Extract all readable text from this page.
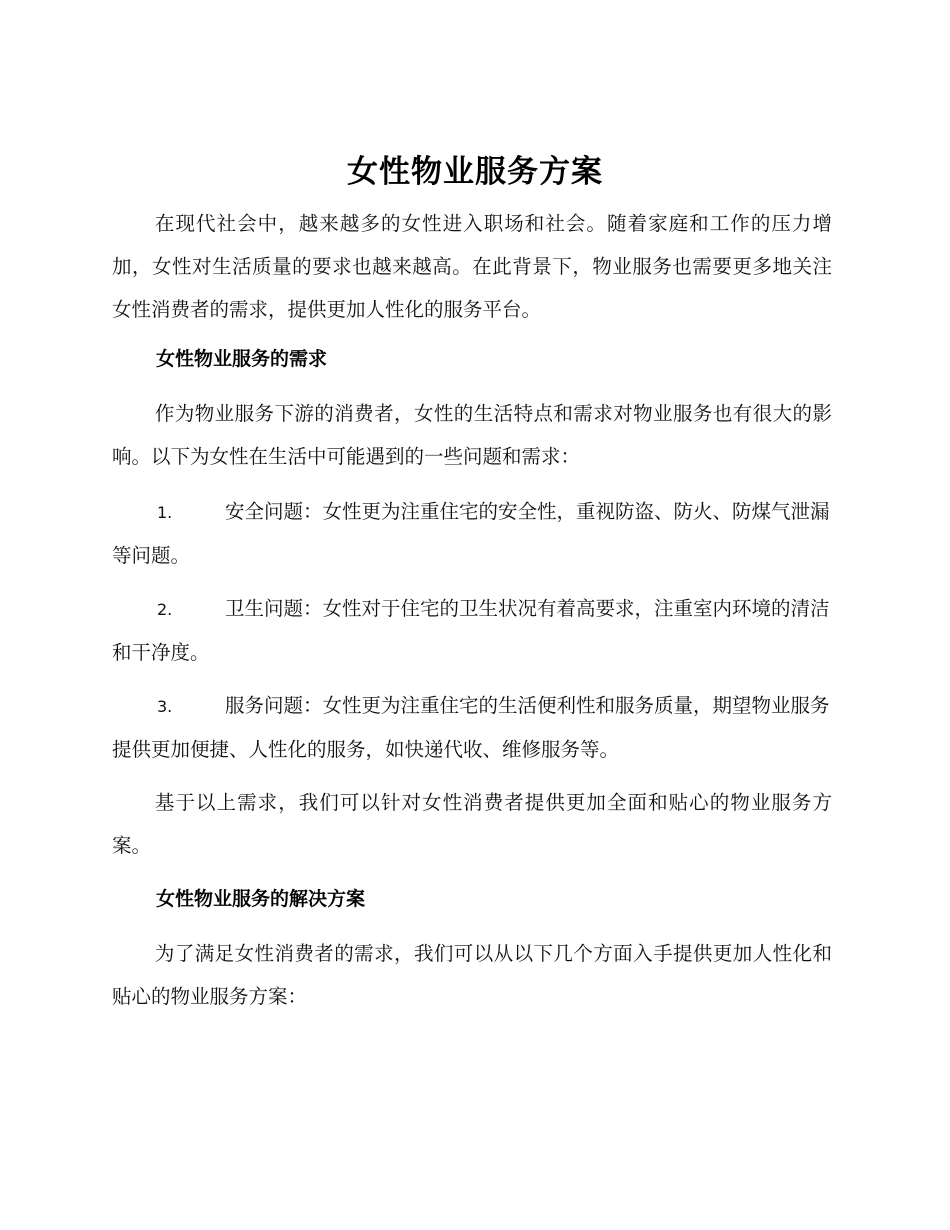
女性物业服务方案
在现代社会中，越来越多的女性进入职场和社会。随着家庭和工作的压力增加，女性对生活质量的要求也越来越高。在此背景下，物业服务也需要更多地关注女性消费者的需求，提供更加人性化的服务平台。
女性物业服务的需求
作为物业服务下游的消费者，女性的生活特点和需求对物业服务也有很大的影响。以下为女性在生活中可能遇到的一些问题和需求：
1.	安全问题：女性更为注重住宅的安全性，重视防盗、防火、防煤气泄漏等问题。
2.	卫生问题：女性对于住宅的卫生状况有着高要求，注重室内环境的清洁和干净度。
3.	服务问题：女性更为注重住宅的生活便利性和服务质量，期望物业服务提供更加便捷、人性化的服务，如快递代收、维修服务等。
基于以上需求，我们可以针对女性消费者提供更加全面和贴心的物业服务方案。
女性物业服务的解决方案
为了满足女性消费者的需求，我们可以从以下几个方面入手提供更加人性化和贴心的物业服务方案：
